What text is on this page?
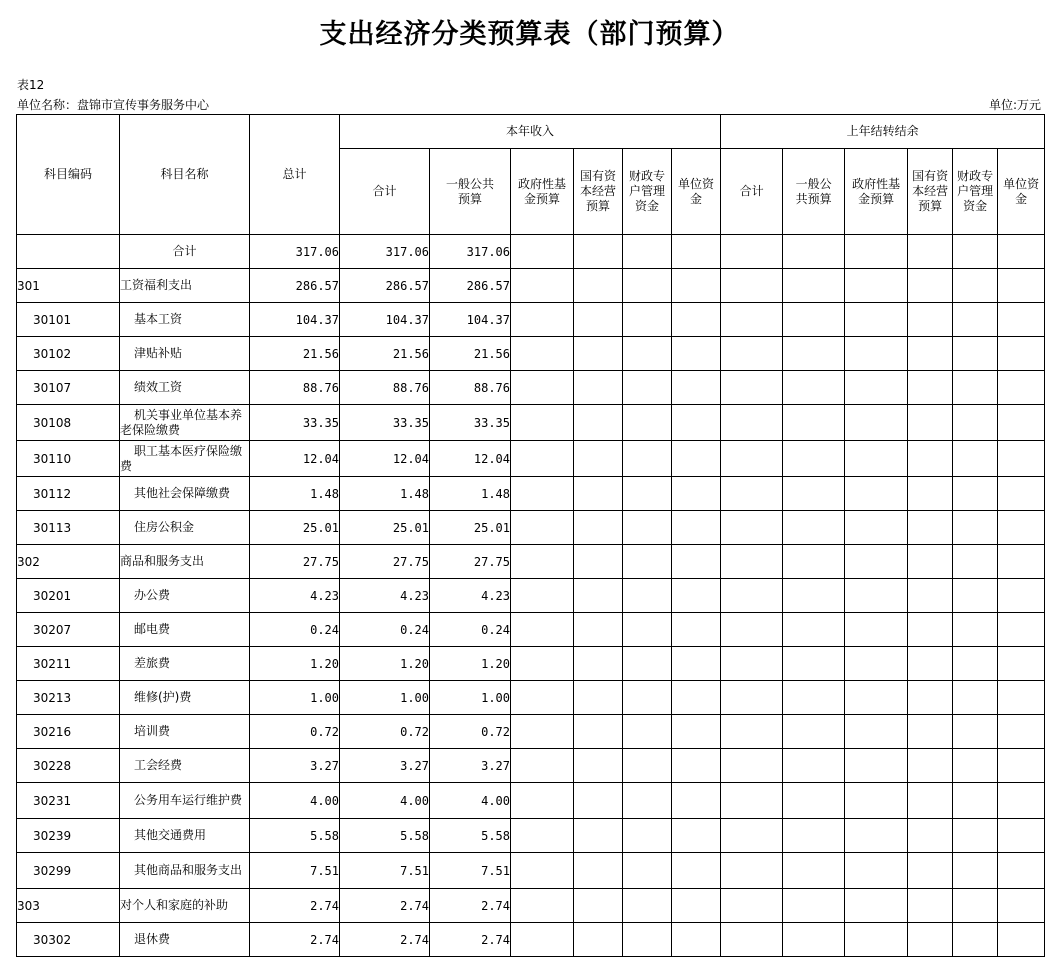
支出经济分类预算表（部门预算）
表12
单位名称：盘锦市宣传事务服务中心	单位:万元
科目编码	科目名称	总计	本年收入						上年结转结余					
			合计	一般公共预算	政府性基金预算	国有资本经营预算	财政专户管理资金	单位资金	合计	一般公共预算	政府性基金预算	国有资本经营预算	财政专户管理资金	单位资金
	合计	317.06	317.06	317.06										
301	工资福利支出	286.57	286.57	286.57										
30101	基本工资	104.37	104.37	104.37										
30102	津贴补贴	21.56	21.56	21.56										
30107	绩效工资	88.76	88.76	88.76										
30108	机关事业单位基本养老保险缴费	33.35	33.35	33.35										
30110	职工基本医疗保险缴费	12.04	12.04	12.04										
30112	其他社会保障缴费	1.48	1.48	1.48										
30113	住房公积金	25.01	25.01	25.01										
302	商品和服务支出	27.75	27.75	27.75										
30201	办公费	4.23	4.23	4.23										
30207	邮电费	0.24	0.24	0.24										
30211	差旅费	1.20	1.20	1.20										
30213	维修(护)费	1.00	1.00	1.00										
30216	培训费	0.72	0.72	0.72										
30228	工会经费	3.27	3.27	3.27										
30231	公务用车运行维护费	4.00	4.00	4.00										
30239	其他交通费用	5.58	5.58	5.58										
30299	其他商品和服务支出	7.51	7.51	7.51										
303	对个人和家庭的补助	2.74	2.74	2.74										
30302	退休费	2.74	2.74	2.74										
